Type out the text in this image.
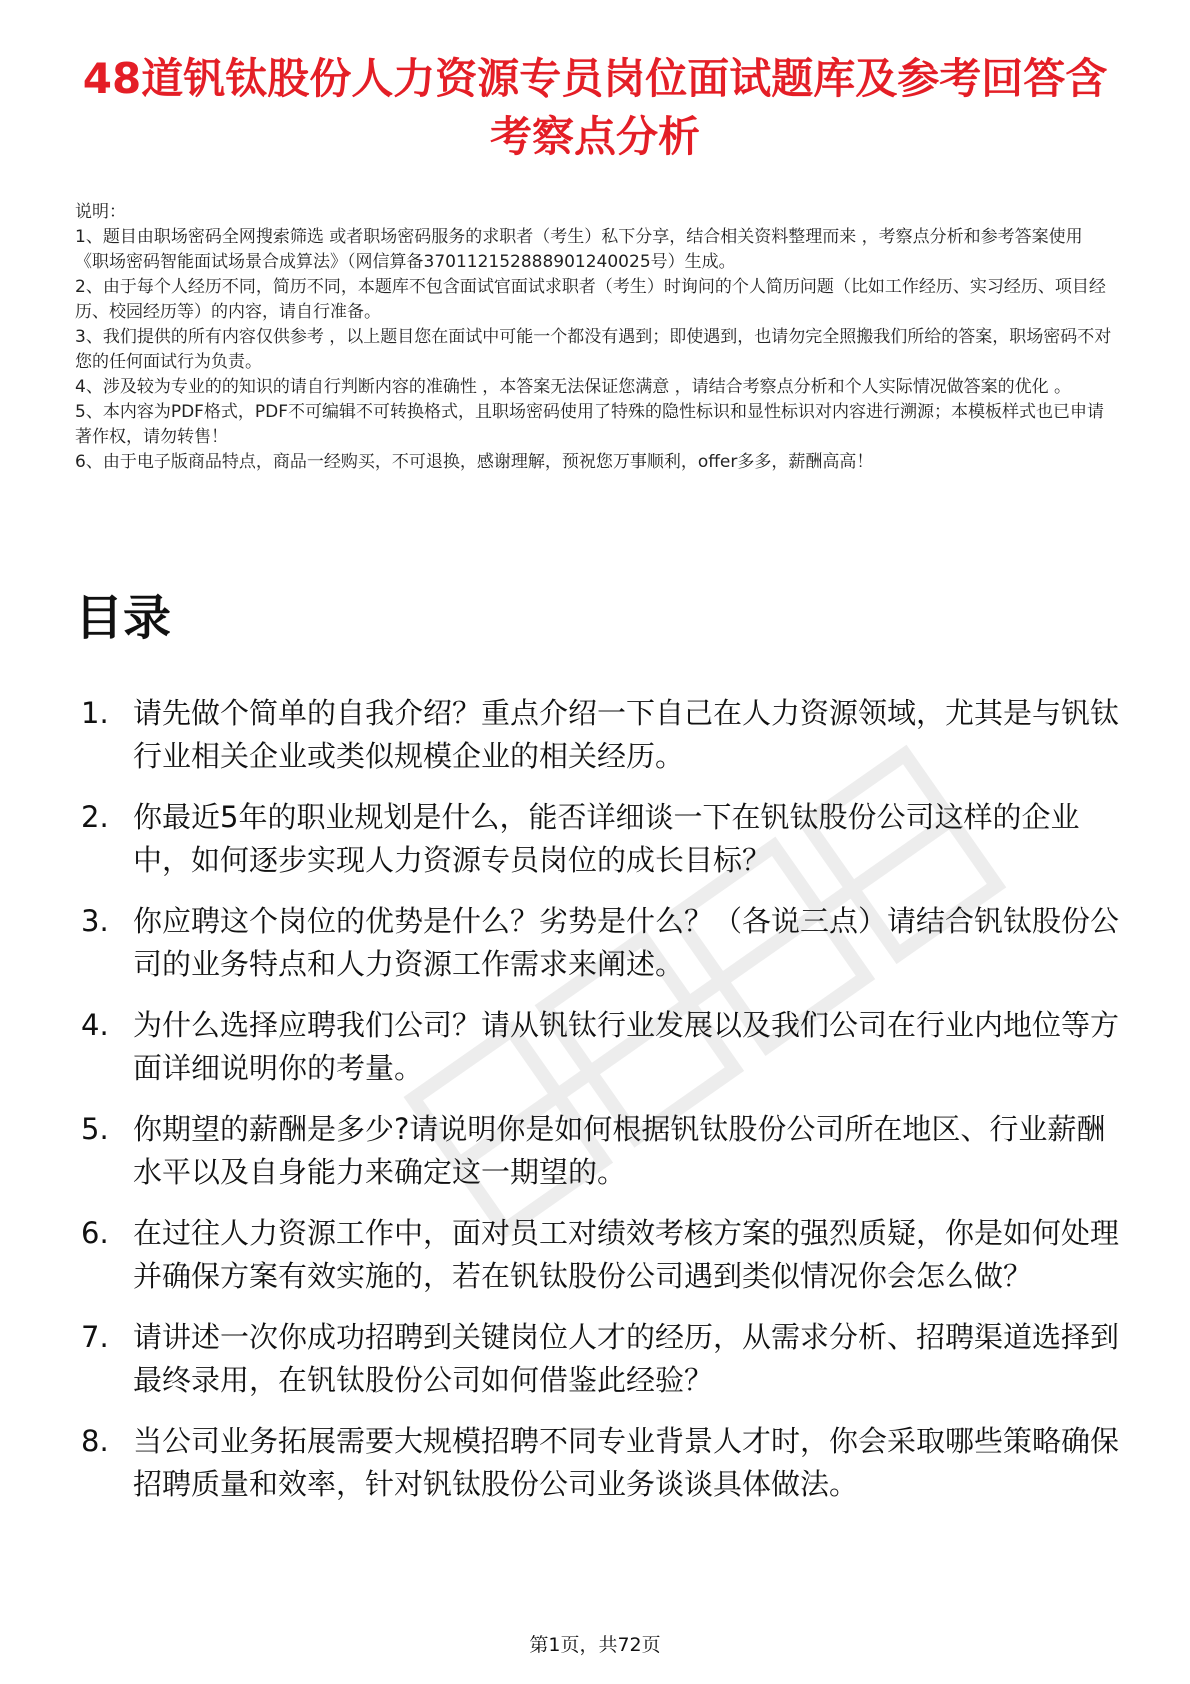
48道钒钛股份人力资源专员岗位面试题库及参考回答含考察点分析
说明：
1、题目由职场密码全网搜索筛选 或者职场密码服务的求职者（考生）私下分享，结合相关资料整理而来 ，考察点分析和参考答案使用《职场密码智能面试场景合成算法》（网信算备370112152888901240025号）生成。
2、由于每个人经历不同，简历不同，本题库不包含面试官面试求职者（考生）时询问的个人简历问题（比如工作经历、实习经历、项目经历、校园经历等）的内容，请自行准备。
3、我们提供的所有内容仅供参考 ，以上题目您在面试中可能一个都没有遇到；即使遇到，也请勿完全照搬我们所给的答案，职场密码不对您的任何面试行为负责。
4、涉及较为专业的的知识的请自行判断内容的准确性 ，本答案无法保证您满意 ，请结合考察点分析和个人实际情况做答案的优化 。
5、本内容为PDF格式，PDF不可编辑不可转换格式，且职场密码使用了特殊的隐性标识和显性标识对内容进行溯源；本模板样式也已申请著作权，请勿转售！
6、由于电子版商品特点，商品一经购买，不可退换，感谢理解，预祝您万事顺利，offer多多，薪酬高高！
目录
1. 请先做个简单的自我介绍？重点介绍一下自己在人力资源领域，尤其是与钒钛行业相关企业或类似规模企业的相关经历。
2. 你最近5年的职业规划是什么，能否详细谈一下在钒钛股份公司这样的企业中，如何逐步实现人力资源专员岗位的成长目标？
3. 你应聘这个岗位的优势是什么？劣势是什么？（各说三点）请结合钒钛股份公司的业务特点和人力资源工作需求来阐述。
4. 为什么选择应聘我们公司？请从钒钛行业发展以及我们公司在行业内地位等方面详细说明你的考量。
5. 你期望的薪酬是多少?请说明你是如何根据钒钛股份公司所在地区、行业薪酬水平以及自身能力来确定这一期望的。
6. 在过往人力资源工作中，面对员工对绩效考核方案的强烈质疑，你是如何处理并确保方案有效实施的，若在钒钛股份公司遇到类似情况你会怎么做？
7. 请讲述一次你成功招聘到关键岗位人才的经历，从需求分析、招聘渠道选择到最终录用，在钒钛股份公司如何借鉴此经验？
8. 当公司业务拓展需要大规模招聘不同专业背景人才时，你会采取哪些策略确保招聘质量和效率，针对钒钛股份公司业务谈谈具体做法。
第1页，共72页
